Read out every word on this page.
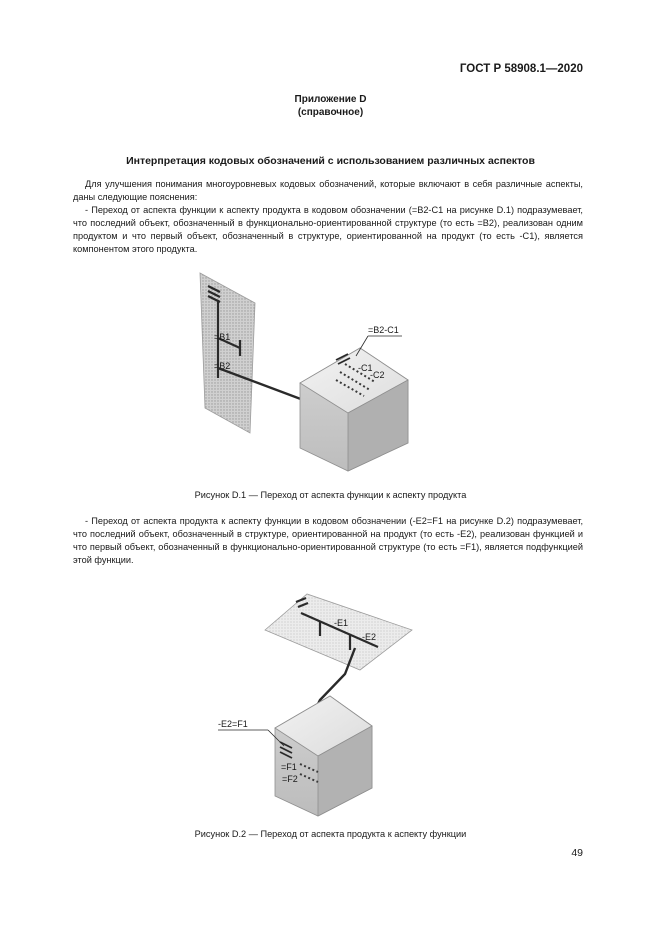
ГОСТ Р 58908.1—2020
Приложение D
(справочное)
Интерпретация кодовых обозначений с использованием различных аспектов
Для улучшения понимания многоуровневых кодовых обозначений, которые включают в себя различные аспекты, даны следующие пояснения:
- Переход от аспекта функции к аспекту продукта в кодовом обозначении (=B2-C1 на рисунке D.1) подразумевает, что последний объект, обозначенный в функционально-ориентированной структуре (то есть =B2), реализован одним продуктом и что первый объект, обозначенный в структуре, ориентированной на продукт (то есть -C1), является компонентом этого продукта.
=B1
=B2
=B2-C1
-C1
-C2
Рисунок D.1 — Переход от аспекта функции к аспекту продукта
- Переход от аспекта продукта к аспекту функции в кодовом обозначении (-E2=F1 на рисунке D.2) подразумевает, что последний объект, обозначенный в структуре, ориентированной на продукт (то есть -E2), реализован функцией и что первый объект, обозначенный в функционально-ориентированной структуре (то есть =F1), является подфункцией этой функции.
-E1
-E2
-E2=F1
=F1
=F2
Рисунок D.2 — Переход от аспекта продукта к аспекту функции
49
